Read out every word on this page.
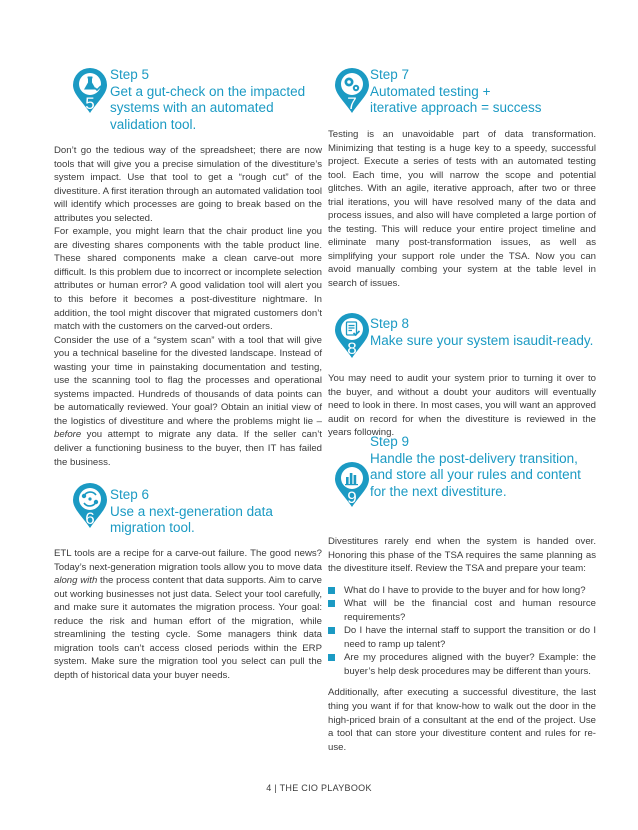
5
Step 5
Get a gut-check on the impacted
systems with an automated
validation tool.

Don’t go the tedious way of the spreadsheet; there are now tools that will give you a precise simulation of the divestiture’s system impact. Use that tool to get a “rough cut” of the divestiture. A first iteration through an automated validation tool will identify which processes are going to break based on the attributes you selected.

For example, you might learn that the chair product line you are divesting shares components with the table product line. These shared components make a clean carve-out more difficult. Is this problem due to incorrect or incomplete selection attributes or human error? A good validation tool will alert you to this before it becomes a post-divestiture nightmare. In addition, the tool might discover that migrated customers don’t match with the customers on the carved-out orders.

Consider the use of a “system scan” with a tool that will give you a technical baseline for the divested landscape. Instead of wasting your time in painstaking documentation and testing, use the scanning tool to flag the processes and operational systems impacted. Hundreds of thousands of data points can be automatically reviewed. Your goal? Obtain an initial view of the logistics of divestiture and where the problems might lie – before you attempt to migrate any data. If the seller can’t deliver a functioning business to the buyer, then IT has failed the business.

6
Step 6
Use a next-generation data
migration tool.

ETL tools are a recipe for a carve-out failure. The good news? Today’s next-generation migration tools allow you to move data along with the process content that data supports. Aim to carve out working businesses not just data. Select your tool carefully, and make sure it automates the migration process. Your goal: reduce the risk and human effort of the migration, while streamlining the testing cycle. Some managers think data migration tools can’t access closed periods within the ERP system. Make sure the migration tool you select can pull the depth of historical data your buyer needs.

7
Step 7
Automated testing +
iterative approach = success

Testing is an unavoidable part of data transformation. Minimizing that testing is a huge key to a speedy, successful project. Execute a series of tests with an automated testing tool. Each time, you will narrow the scope and potential glitches. With an agile, iterative approach, after two or three trial iterations, you will have resolved many of the data and process issues, and also will have completed a large portion of the testing. This will reduce your entire project timeline and eliminate many post-transformation issues, as well as simplifying your support role under the TSA. Now you can avoid manually combing your system at the table level in search of issues.

8
Step 8
Make sure your system isaudit-ready.

You may need to audit your system prior to turning it over to the buyer, and without a doubt your auditors will eventually need to look in there. In most cases, you will want an approved audit on record for when the divestiture is reviewed in the years following.

9
Step 9
Handle the post-delivery transition,
and store all your rules and content
for the next divestiture.

Divestitures rarely end when the system is handed over. Honoring this phase of the TSA requires the same planning as the divestiture itself. Review the TSA and prepare your team:

What do I have to provide to the buyer and for how long?
What will be the financial cost and human resource requirements?
Do I have the internal staff to support the transition or do I need to ramp up talent?
Are my procedures aligned with the buyer? Example: the buyer’s help desk procedures may be different than yours.

Additionally, after executing a successful divestiture, the last thing you want if for that know-how to walk out the door in the high-priced brain of a consultant at the end of the project. Use a tool that can store your divestiture content and rules for re-use.

4 | THE CIO PLAYBOOK
